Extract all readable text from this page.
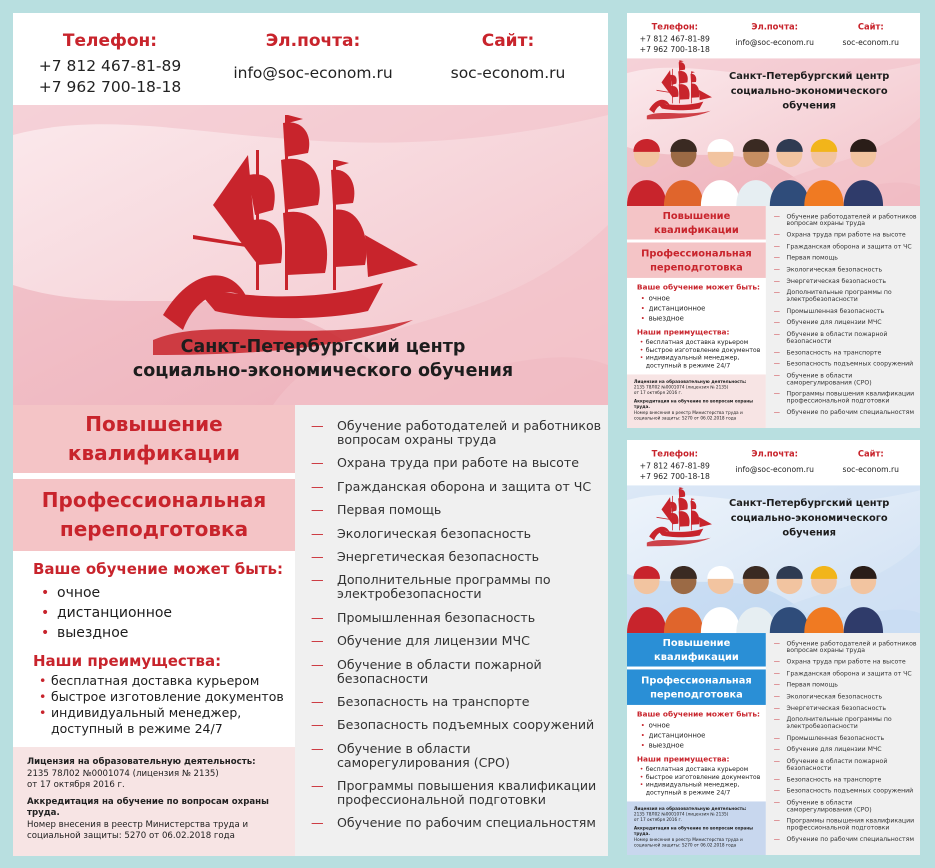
Телефон:
+7 812 467-81-89
+7 962 700-18-18
Эл.почта:
info@soc-econom.ru
Сайт:
soc-econom.ru
Санкт-Петербургский центр
социально-экономического обучения
Повышение
квалификации
Профессиональная
переподготовка
Ваше обучение может быть:
• очное
• дистанционное
• выездное
Наши преимущества:
• бесплатная доставка курьером
• быстрое изготовление документов
• индивидуальный менеджер, доступный в режиме 24/7
Лицензия на образовательную деятельность:
2135 78Л02 №0001074 (лицензия № 2135)
от 17 октября 2016 г.
Аккредитация на обучение по вопросам охраны труда.
Номер внесения в реестр Министерства труда и социальной защиты: 5270 от 06.02.2018 года
— Обучение работодателей и работников вопросам охраны труда
— Охрана труда при работе на высоте
— Гражданская оборона и защита от ЧС
— Первая помощь
— Экологическая безопасность
— Энергетическая безопасность
— Дополнительные программы по электробезопасности
— Промышленная безопасность
— Обучение для лицензии МЧС
— Обучение в области пожарной безопасности
— Безопасность на транспорте
— Безопасность подъемных сооружений
— Обучение в области саморегулирования (СРО)
— Программы повышения квалификации профессиональной подготовки
— Обучение по рабочим специальностям
Телефон:
+7 812 467-81-89
+7 962 700-18-18
Эл.почта:
info@soc-econom.ru
Сайт:
soc-econom.ru
Санкт-Петербургский центр
социально-экономического обучения
Повышение
квалификации
Профессиональная
переподготовка
Ваше обучение может быть:
• очное
• дистанционное
• выездное
Наши преимущества:
• бесплатная доставка курьером
• быстрое изготовление документов
• индивидуальный менеджер, доступный в режиме 24/7
Лицензия на образовательную деятельность:
2135 78Л02 №0001074 (лицензия № 2135)
от 17 октября 2016 г.
Аккредитация на обучение по вопросам охраны труда.
Номер внесения в реестр Министерства труда и социальной защиты: 5270 от 06.02.2018 года
— Обучение работодателей и работников вопросам охраны труда
— Охрана труда при работе на высоте
— Гражданская оборона и защита от ЧС
— Первая помощь
— Экологическая безопасность
— Энергетическая безопасность
— Дополнительные программы по электробезопасности
— Промышленная безопасность
— Обучение для лицензии МЧС
— Обучение в области пожарной безопасности
— Безопасность на транспорте
— Безопасность подъемных сооружений
— Обучение в области саморегулирования (СРО)
— Программы повышения квалификации профессиональной подготовки
— Обучение по рабочим специальностям
Телефон:
+7 812 467-81-89
+7 962 700-18-18
Эл.почта:
info@soc-econom.ru
Сайт:
soc-econom.ru
Санкт-Петербургский центр
социально-экономического обучения
Повышение
квалификации
Профессиональная
переподготовка
Ваше обучение может быть:
• очное
• дистанционное
• выездное
Наши преимущества:
• бесплатная доставка курьером
• быстрое изготовление документов
• индивидуальный менеджер, доступный в режиме 24/7
Лицензия на образовательную деятельность:
2135 78Л02 №0001074 (лицензия № 2135)
от 17 октября 2016 г.
Аккредитация на обучение по вопросам охраны труда.
Номер внесения в реестр Министерства труда и социальной защиты: 5270 от 06.02.2018 года
— Обучение работодателей и работников вопросам охраны труда
— Охрана труда при работе на высоте
— Гражданская оборона и защита от ЧС
— Первая помощь
— Экологическая безопасность
— Энергетическая безопасность
— Дополнительные программы по электробезопасности
— Промышленная безопасность
— Обучение для лицензии МЧС
— Обучение в области пожарной безопасности
— Безопасность на транспорте
— Безопасность подъемных сооружений
— Обучение в области саморегулирования (СРО)
— Программы повышения квалификации профессиональной подготовки
— Обучение по рабочим специальностям
